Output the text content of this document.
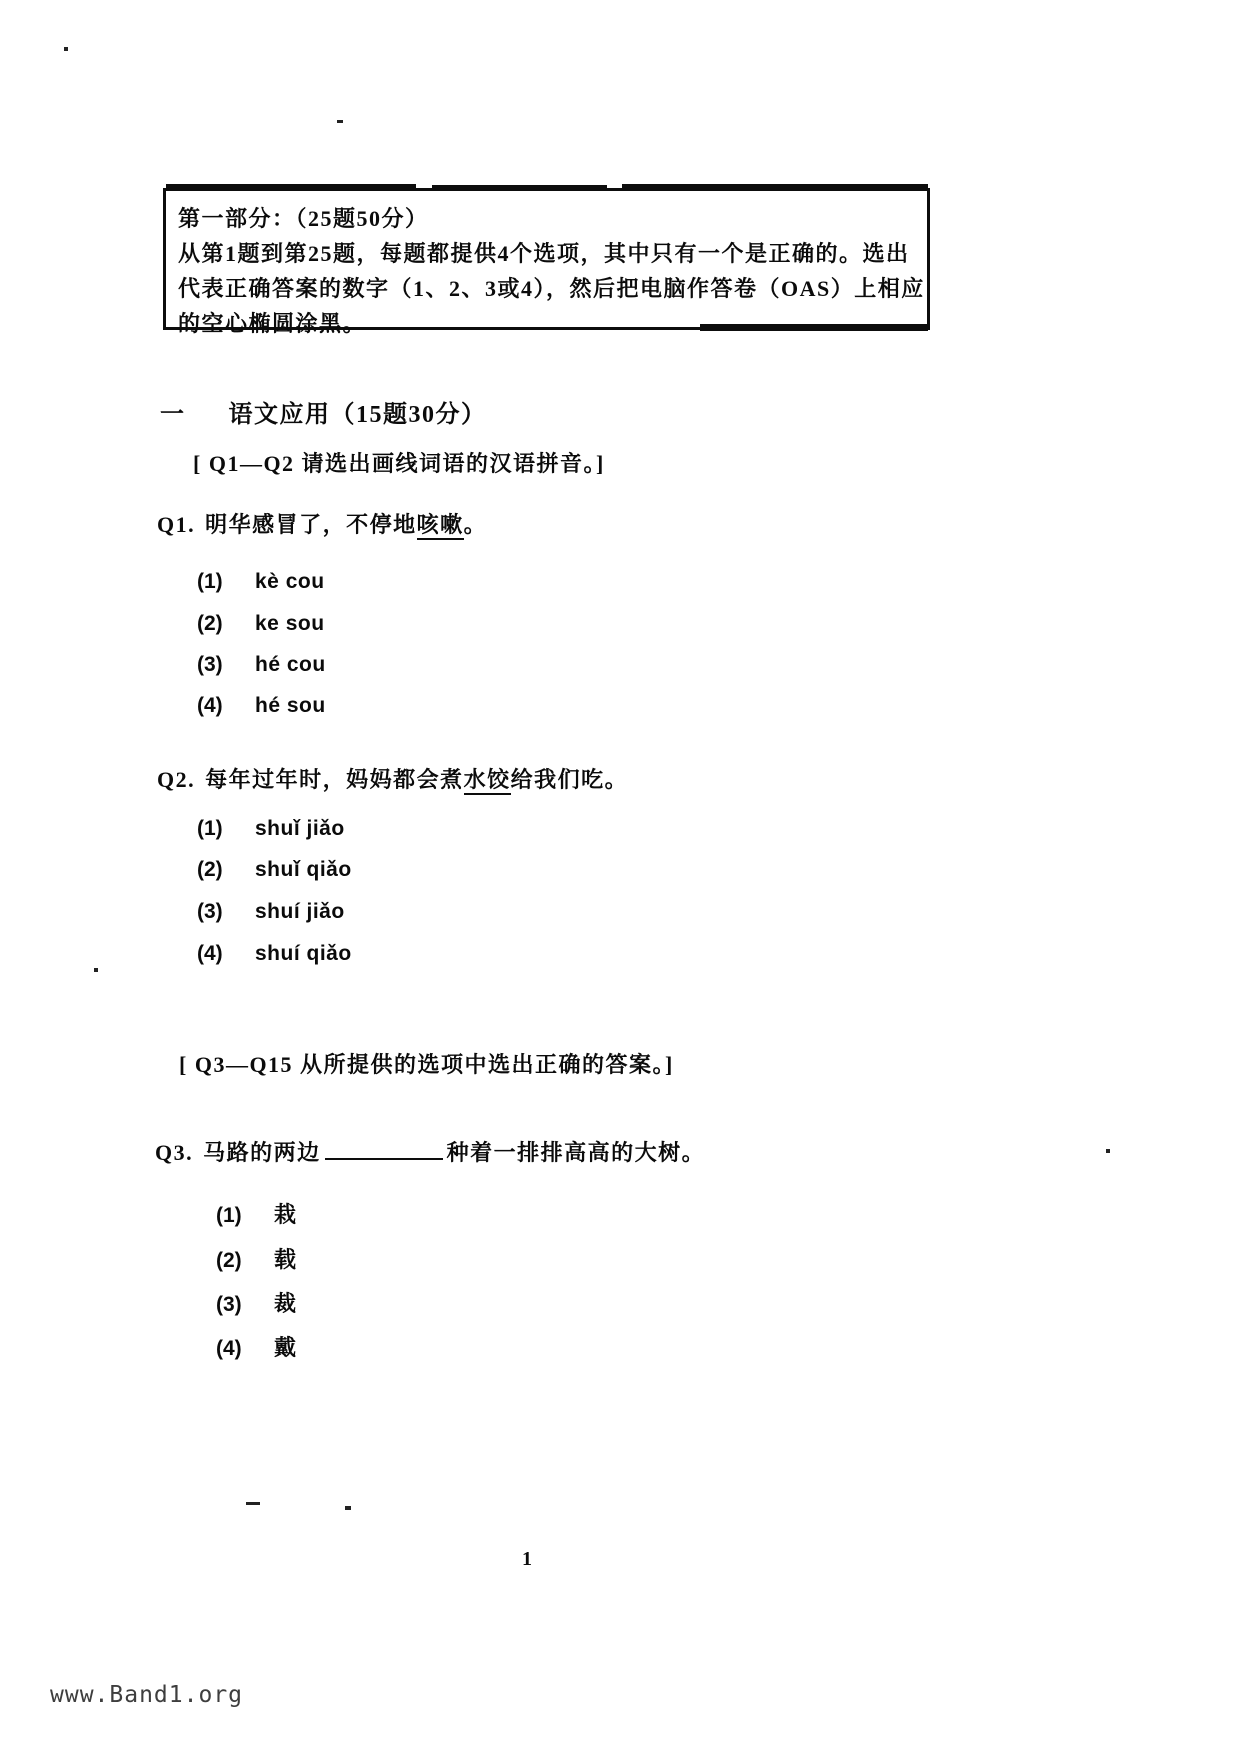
第一部分：（25题50分）
从第1题到第25题，每题都提供4个选项，其中只有一个是正确的。选出
代表正确答案的数字（1、2、3或4），然后把电脑作答卷（OAS）上相应
的空心椭圆涂黑。
一 语文应用（15题30分）
[ Q1—Q2 请选出画线词语的汉语拼音。]
Q1. 明华感冒了，不停地咳嗽。
(1) kè cou
(2) ke sou
(3) hé cou
(4) hé sou
Q2. 每年过年时，妈妈都会煮水饺给我们吃。
(1) shuǐ jiǎo
(2) shuǐ qiǎo
(3) shuí jiǎo
(4) shuí qiǎo
[ Q3—Q15 从所提供的选项中选出正确的答案。]
Q3. 马路的两边	种着一排排高高的大树。
(1) 栽
(2) 载
(3) 裁
(4) 戴
1
www.Band1.org
